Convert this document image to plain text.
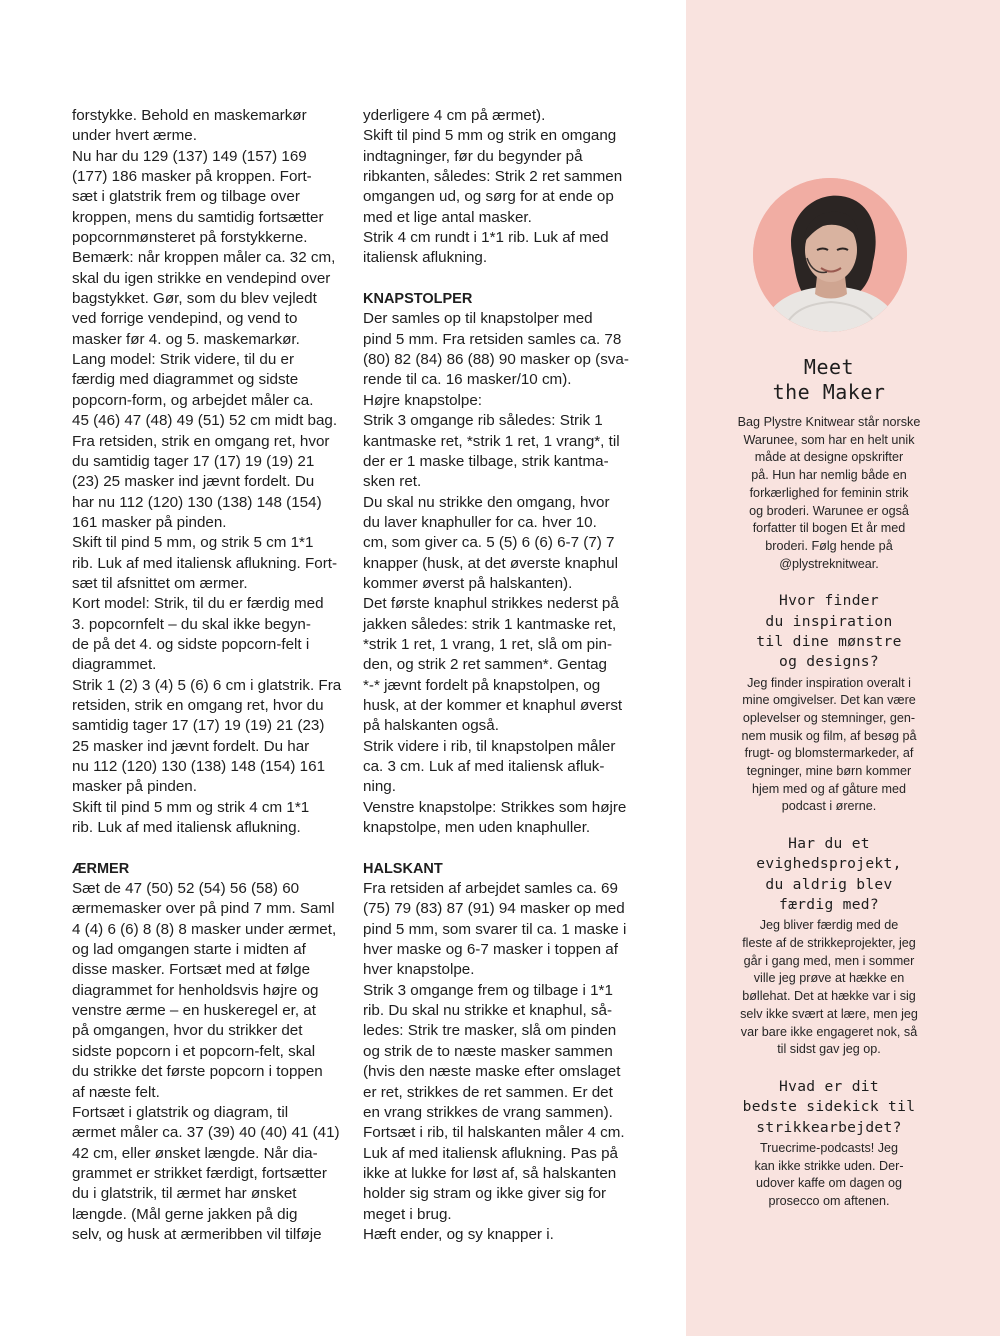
forstykke. Behold en maskemarkør
under hvert ærme.
Nu har du 129 (137) 149 (157) 169
(177) 186 masker på kroppen. Fort-
sæt i glatstrik frem og tilbage over
kroppen, mens du samtidig fortsætter
popcornmønsteret på forstykkerne.
Bemærk: når kroppen måler ca. 32 cm,
skal du igen strikke en vendepind over
bagstykket. Gør, som du blev vejledt
ved forrige vendepind, og vend to
masker før 4. og 5. maskemarkør.
Lang model: Strik videre, til du er
færdig med diagrammet og sidste
popcorn-form, og arbejdet måler ca.
45 (46) 47 (48) 49 (51) 52 cm midt bag.
Fra retsiden, strik en omgang ret, hvor
du samtidig tager 17 (17) 19 (19) 21
(23) 25 masker ind jævnt fordelt. Du
har nu 112 (120) 130 (138) 148 (154)
161 masker på pinden.
Skift til pind 5 mm, og strik 5 cm 1*1
rib. Luk af med italiensk aflukning. Fort-
sæt til afsnittet om ærmer.
Kort model: Strik, til du er færdig med
3. popcornfelt – du skal ikke begyn-
de på det 4. og sidste popcorn-felt i
diagrammet.
Strik 1 (2) 3 (4) 5 (6) 6 cm i glatstrik. Fra
retsiden, strik en omgang ret, hvor du
samtidig tager 17 (17) 19 (19) 21 (23)
25 masker ind jævnt fordelt. Du har
nu 112 (120) 130 (138) 148 (154) 161
masker på pinden.
Skift til pind 5 mm og strik 4 cm 1*1
rib. Luk af med italiensk aflukning.
ÆRMER
Sæt de 47 (50) 52 (54) 56 (58) 60
ærmemasker over på pind 7 mm. Saml
4 (4) 6 (6) 8 (8) 8 masker under ærmet,
og lad omgangen starte i midten af
disse masker. Fortsæt med at følge
diagrammet for henholdsvis højre og
venstre ærme – en huskeregel er, at
på omgangen, hvor du strikker det
sidste popcorn i et popcorn-felt, skal
du strikke det første popcorn i toppen
af næste felt.
Fortsæt i glatstrik og diagram, til
ærmet måler ca. 37 (39) 40 (40) 41 (41)
42 cm, eller ønsket længde. Når dia-
grammet er strikket færdigt, fortsætter
du i glatstrik, til ærmet har ønsket
længde. (Mål gerne jakken på dig
selv, og husk at ærmeribben vil tilføje
yderligere 4 cm på ærmet).
Skift til pind 5 mm og strik en omgang
indtagninger, før du begynder på
ribkanten, således: Strik 2 ret sammen
omgangen ud, og sørg for at ende op
med et lige antal masker.
Strik 4 cm rundt i 1*1 rib. Luk af med
italiensk aflukning.
KNAPSTOLPER
Der samles op til knapstolper med
pind 5 mm. Fra retsiden samles ca. 78
(80) 82 (84) 86 (88) 90 masker op (sva-
rende til ca. 16 masker/10 cm).
Højre knapstolpe:
Strik 3 omgange rib således: Strik 1
kantmaske ret, *strik 1 ret, 1 vrang*, til
der er 1 maske tilbage, strik kantma-
sken ret.
Du skal nu strikke den omgang, hvor
du laver knaphuller for ca. hver 10.
cm, som giver ca. 5 (5) 6 (6) 6-7 (7) 7
knapper (husk, at det øverste knaphul
kommer øverst på halskanten).
Det første knaphul strikkes nederst på
jakken således: strik 1 kantmaske ret,
*strik 1 ret, 1 vrang, 1 ret, slå om pin-
den, og strik 2 ret sammen*. Gentag
*-* jævnt fordelt på knapstolpen, og
husk, at der kommer et knaphul øverst
på halskanten også.
Strik videre i rib, til knapstolpen måler
ca. 3 cm. Luk af med italiensk afluk-
ning.
Venstre knapstolpe: Strikkes som højre
knapstolpe, men uden knaphuller.
HALSKANT
Fra retsiden af arbejdet samles ca. 69
(75) 79 (83) 87 (91) 94 masker op med
pind 5 mm, som svarer til ca. 1 maske i
hver maske og 6-7 masker i toppen af
hver knapstolpe.
Strik 3 omgange frem og tilbage i 1*1
rib. Du skal nu strikke et knaphul, så-
ledes: Strik tre masker, slå om pinden
og strik de to næste masker sammen
(hvis den næste maske efter omslaget
er ret, strikkes de ret sammen. Er det
en vrang strikkes de vrang sammen).
Fortsæt i rib, til halskanten måler 4 cm.
Luk af med italiensk aflukning. Pas på
ikke at lukke for løst af, så halskanten
holder sig stram og ikke giver sig for
meget i brug.
Hæft ender, og sy knapper i.
Meet
the Maker
Bag Plystre Knitwear står norske
Warunee, som har en helt unik
måde at designe opskrifter
på. Hun har nemlig både en
forkærlighed for feminin strik
og broderi. Warunee er også
forfatter til bogen Et år med
broderi. Følg hende på
@plystreknitwear.
Hvor finder
du inspiration
til dine mønstre
og designs?
Jeg finder inspiration overalt i
mine omgivelser. Det kan være
oplevelser og stemninger, gen-
nem musik og film, af besøg på
frugt- og blomstermarkeder, af
tegninger, mine børn kommer
hjem med og af gåture med
podcast i ørerne.
Har du et
evighedsprojekt,
du aldrig blev
færdig med?
Jeg bliver færdig med de
fleste af de strikkeprojekter, jeg
går i gang med, men i sommer
ville jeg prøve at hække en
bøllehat. Det at hække var i sig
selv ikke svært at lære, men jeg
var bare ikke engageret nok, så
til sidst gav jeg op.
Hvad er dit
bedste sidekick til
strikkearbejdet?
Truecrime-podcasts! Jeg
kan ikke strikke uden. Der-
udover kaffe om dagen og
prosecco om aftenen.
